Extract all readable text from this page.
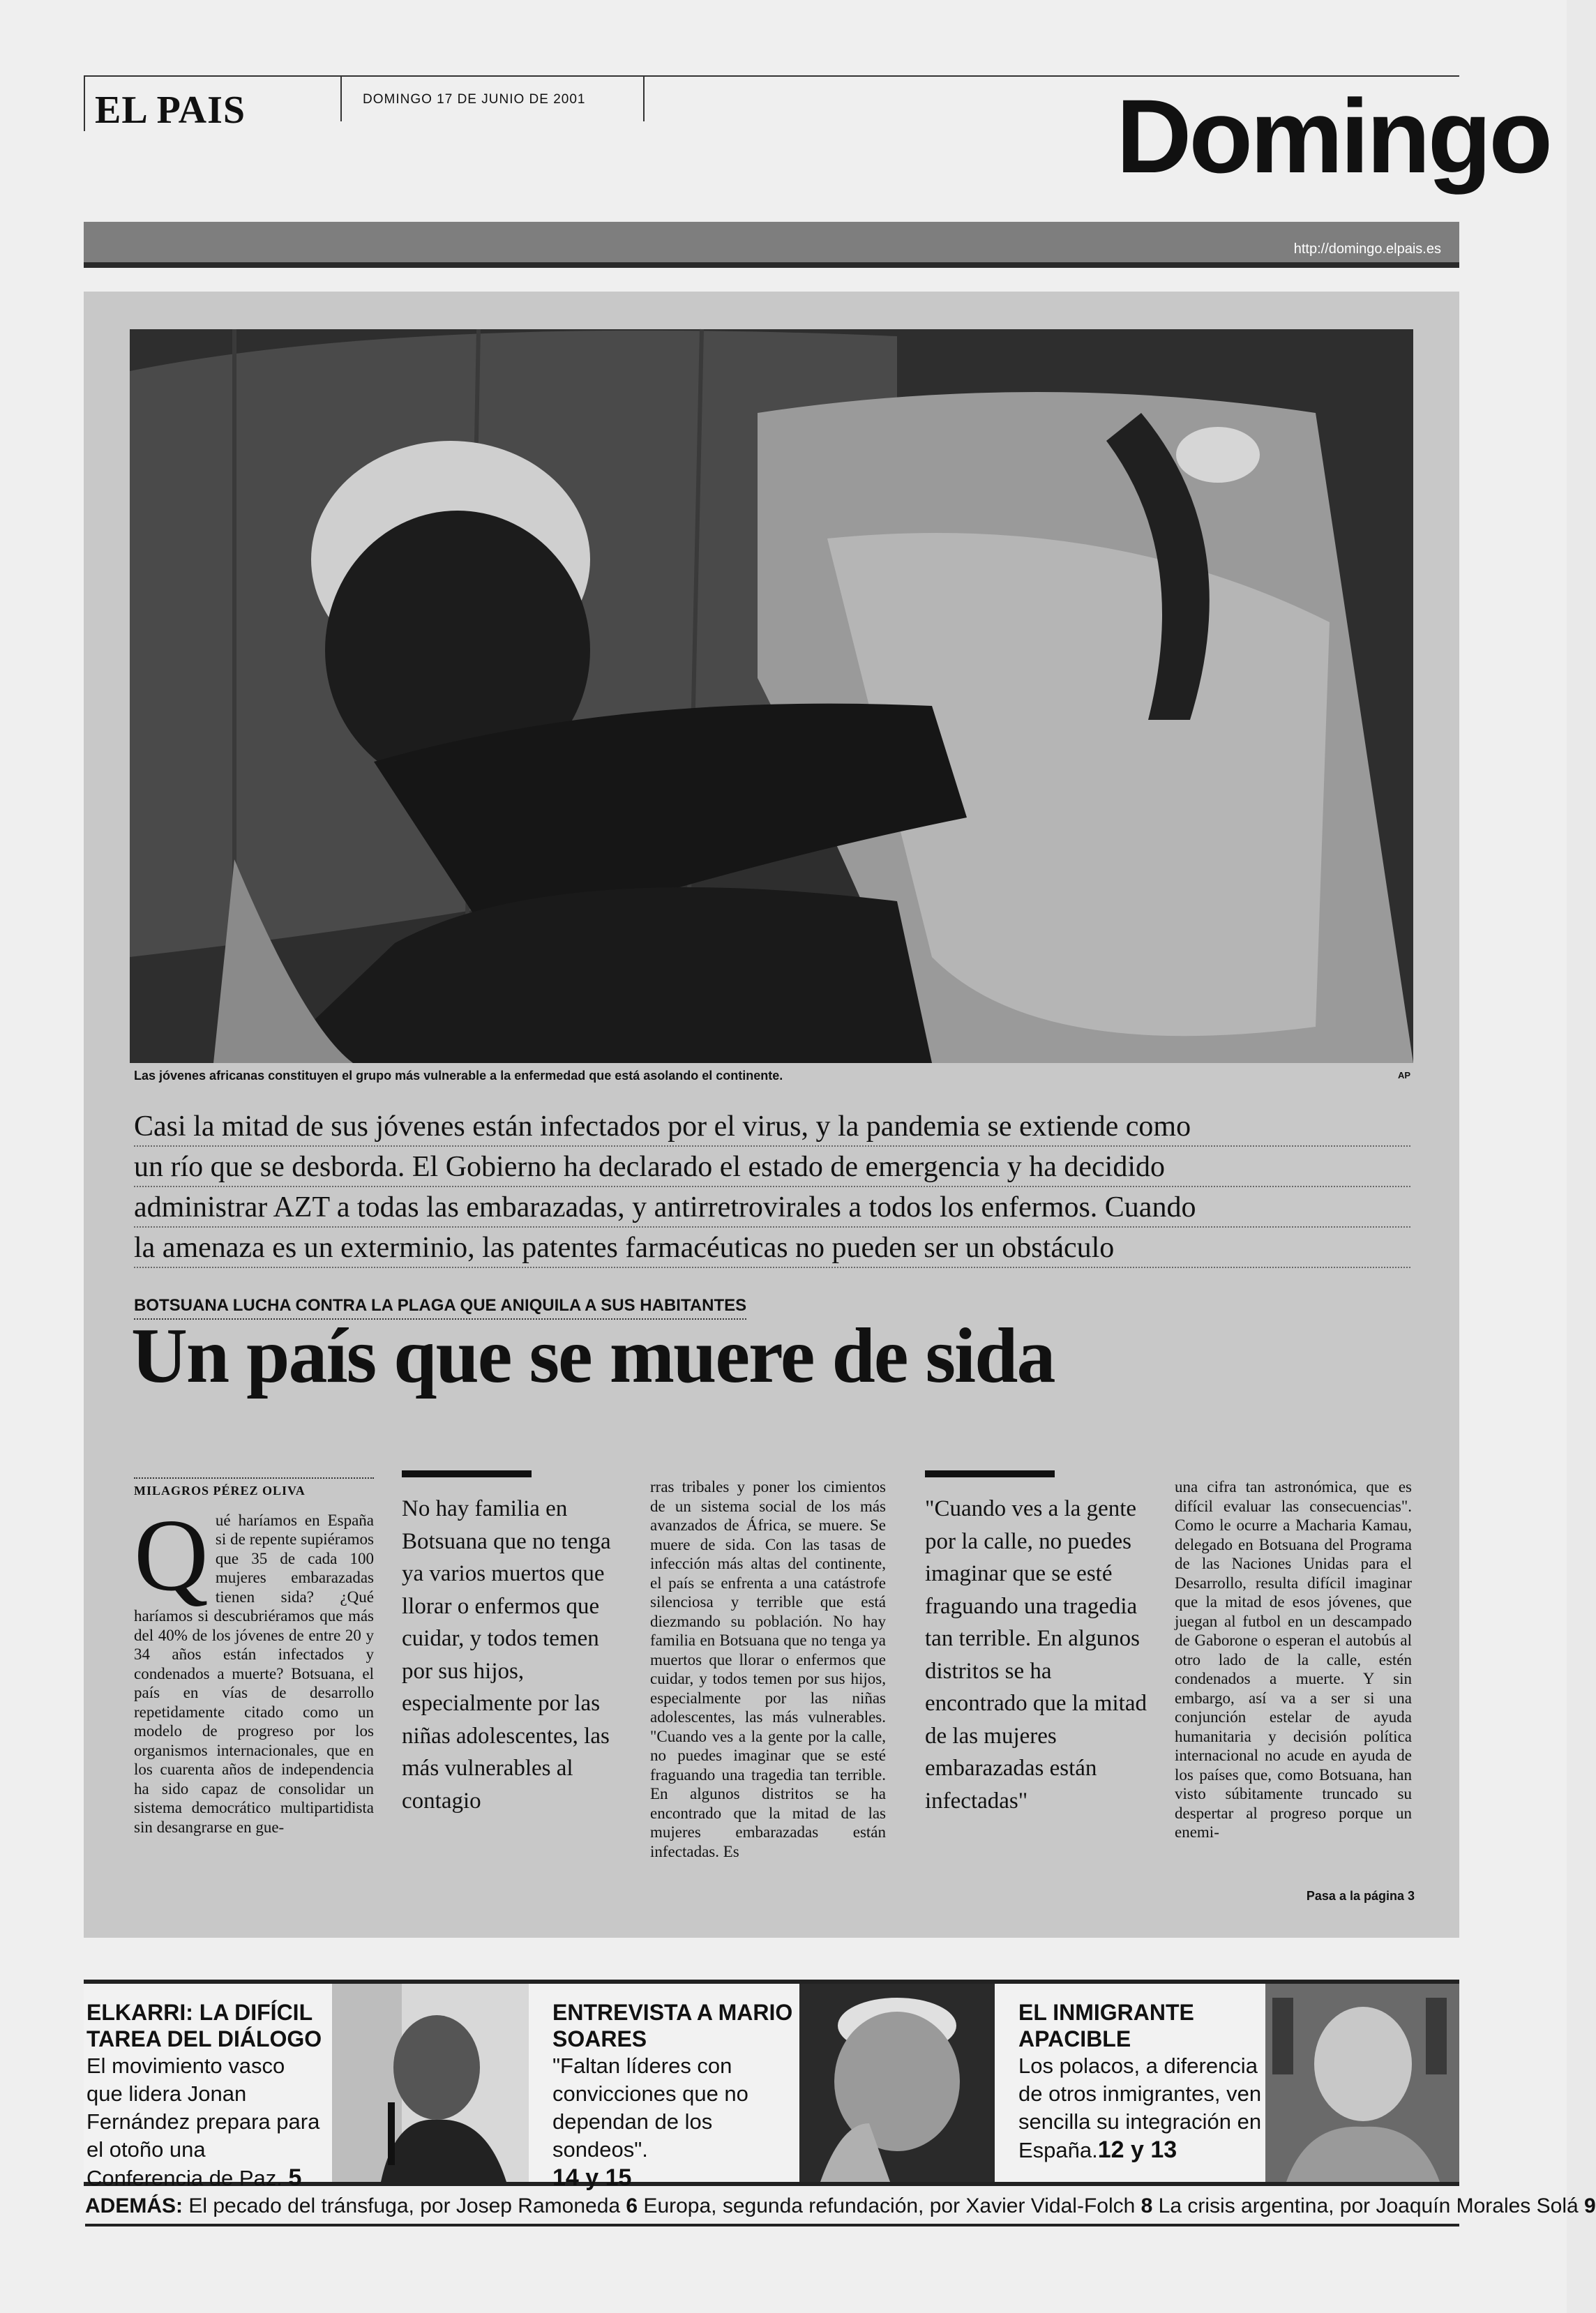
EL PAIS	DOMINGO 17 DE JUNIO DE 2001	Domingo
http://domingo.elpais.es
Las jóvenes africanas constituyen el grupo más vulnerable a la enfermedad que está asolando el continente.	AP
Casi la mitad de sus jóvenes están infectados por el virus, y la pandemia se extiende como
un río que se desborda. El Gobierno ha declarado el estado de emergencia y ha decidido
administrar AZT a todas las embarazadas, y antirretrovirales a todos los enfermos. Cuando
la amenaza es un exterminio, las patentes farmacéuticas no pueden ser un obstáculo
BOTSUANA LUCHA CONTRA LA PLAGA QUE ANIQUILA A SUS HABITANTES
Un país que se muere de sida
MILAGROS PÉREZ OLIVA
Q ué haríamos en España si de repente supiéramos que 35 de cada 100 mujeres embarazadas tienen sida? ¿Qué haríamos si descubriéramos que más del 40% de los jóvenes de entre 20 y 34 años están infectados y condenados a muerte? Botsuana, el país en vías de desarrollo repetidamente citado como un modelo de progreso por los organismos internacionales, que en los cuarenta años de independencia ha sido capaz de consolidar un sistema democrático multipartidista sin desangrarse en gue-
No hay familia en Botsuana que no tenga ya varios muertos que llorar o enfermos que cuidar, y todos temen por sus hijos, especialmente por las niñas adolescentes, las más vulnerables al contagio
rras tribales y poner los cimientos de un sistema social de los más avanzados de África, se muere. Se muere de sida. Con las tasas de infección más altas del continente, el país se enfrenta a una catástrofe silenciosa y terrible que está diezmando su población. No hay familia en Botsuana que no tenga ya muertos que llorar o enfermos que cuidar, y todos temen por sus hijos, especialmente por las niñas adolescentes, las más vulnerables. "Cuando ves a la gente por la calle, no puedes imaginar que se esté fraguando una tragedia tan terrible. En algunos distritos se ha encontrado que la mitad de las mujeres embarazadas están infectadas. Es
"Cuando ves a la gente por la calle, no puedes imaginar que se esté fraguando una tragedia tan terrible. En algunos distritos se ha encontrado que la mitad de las mujeres embarazadas están infectadas"
una cifra tan astronómica, que es difícil evaluar las consecuencias". Como le ocurre a Macharia Kamau, delegado en Botsuana del Programa de las Naciones Unidas para el Desarrollo, resulta difícil imaginar que la mitad de esos jóvenes, que juegan al futbol en un descampado de Gaborone o esperan el autobús al otro lado de la calle, estén condenados a muerte. Y sin embargo, así va a ser si una conjunción estelar de ayuda humanitaria y decisión política internacional no acude en ayuda de los países que, como Botsuana, han visto súbitamente truncado su despertar al progreso porque un enemi-
Pasa a la página 3
ELKARRI: LA DIFÍCIL TAREA DEL DIÁLOGO
El movimiento vasco que lidera Jonan Fernández prepara para el otoño una Conferencia de Paz. 5
ENTREVISTA A MARIO SOARES
"Faltan líderes con convicciones que no dependan de los sondeos".
14 y 15
EL INMIGRANTE APACIBLE
Los polacos, a diferencia de otros inmigrantes, ven sencilla su integración en España.12 y 13
ADEMÁS: El pecado del tránsfuga, por Josep Ramoneda 6 Europa, segunda refundación, por Xavier Vidal-Folch 8 La crisis argentina, por Joaquín Morales Solá 9
